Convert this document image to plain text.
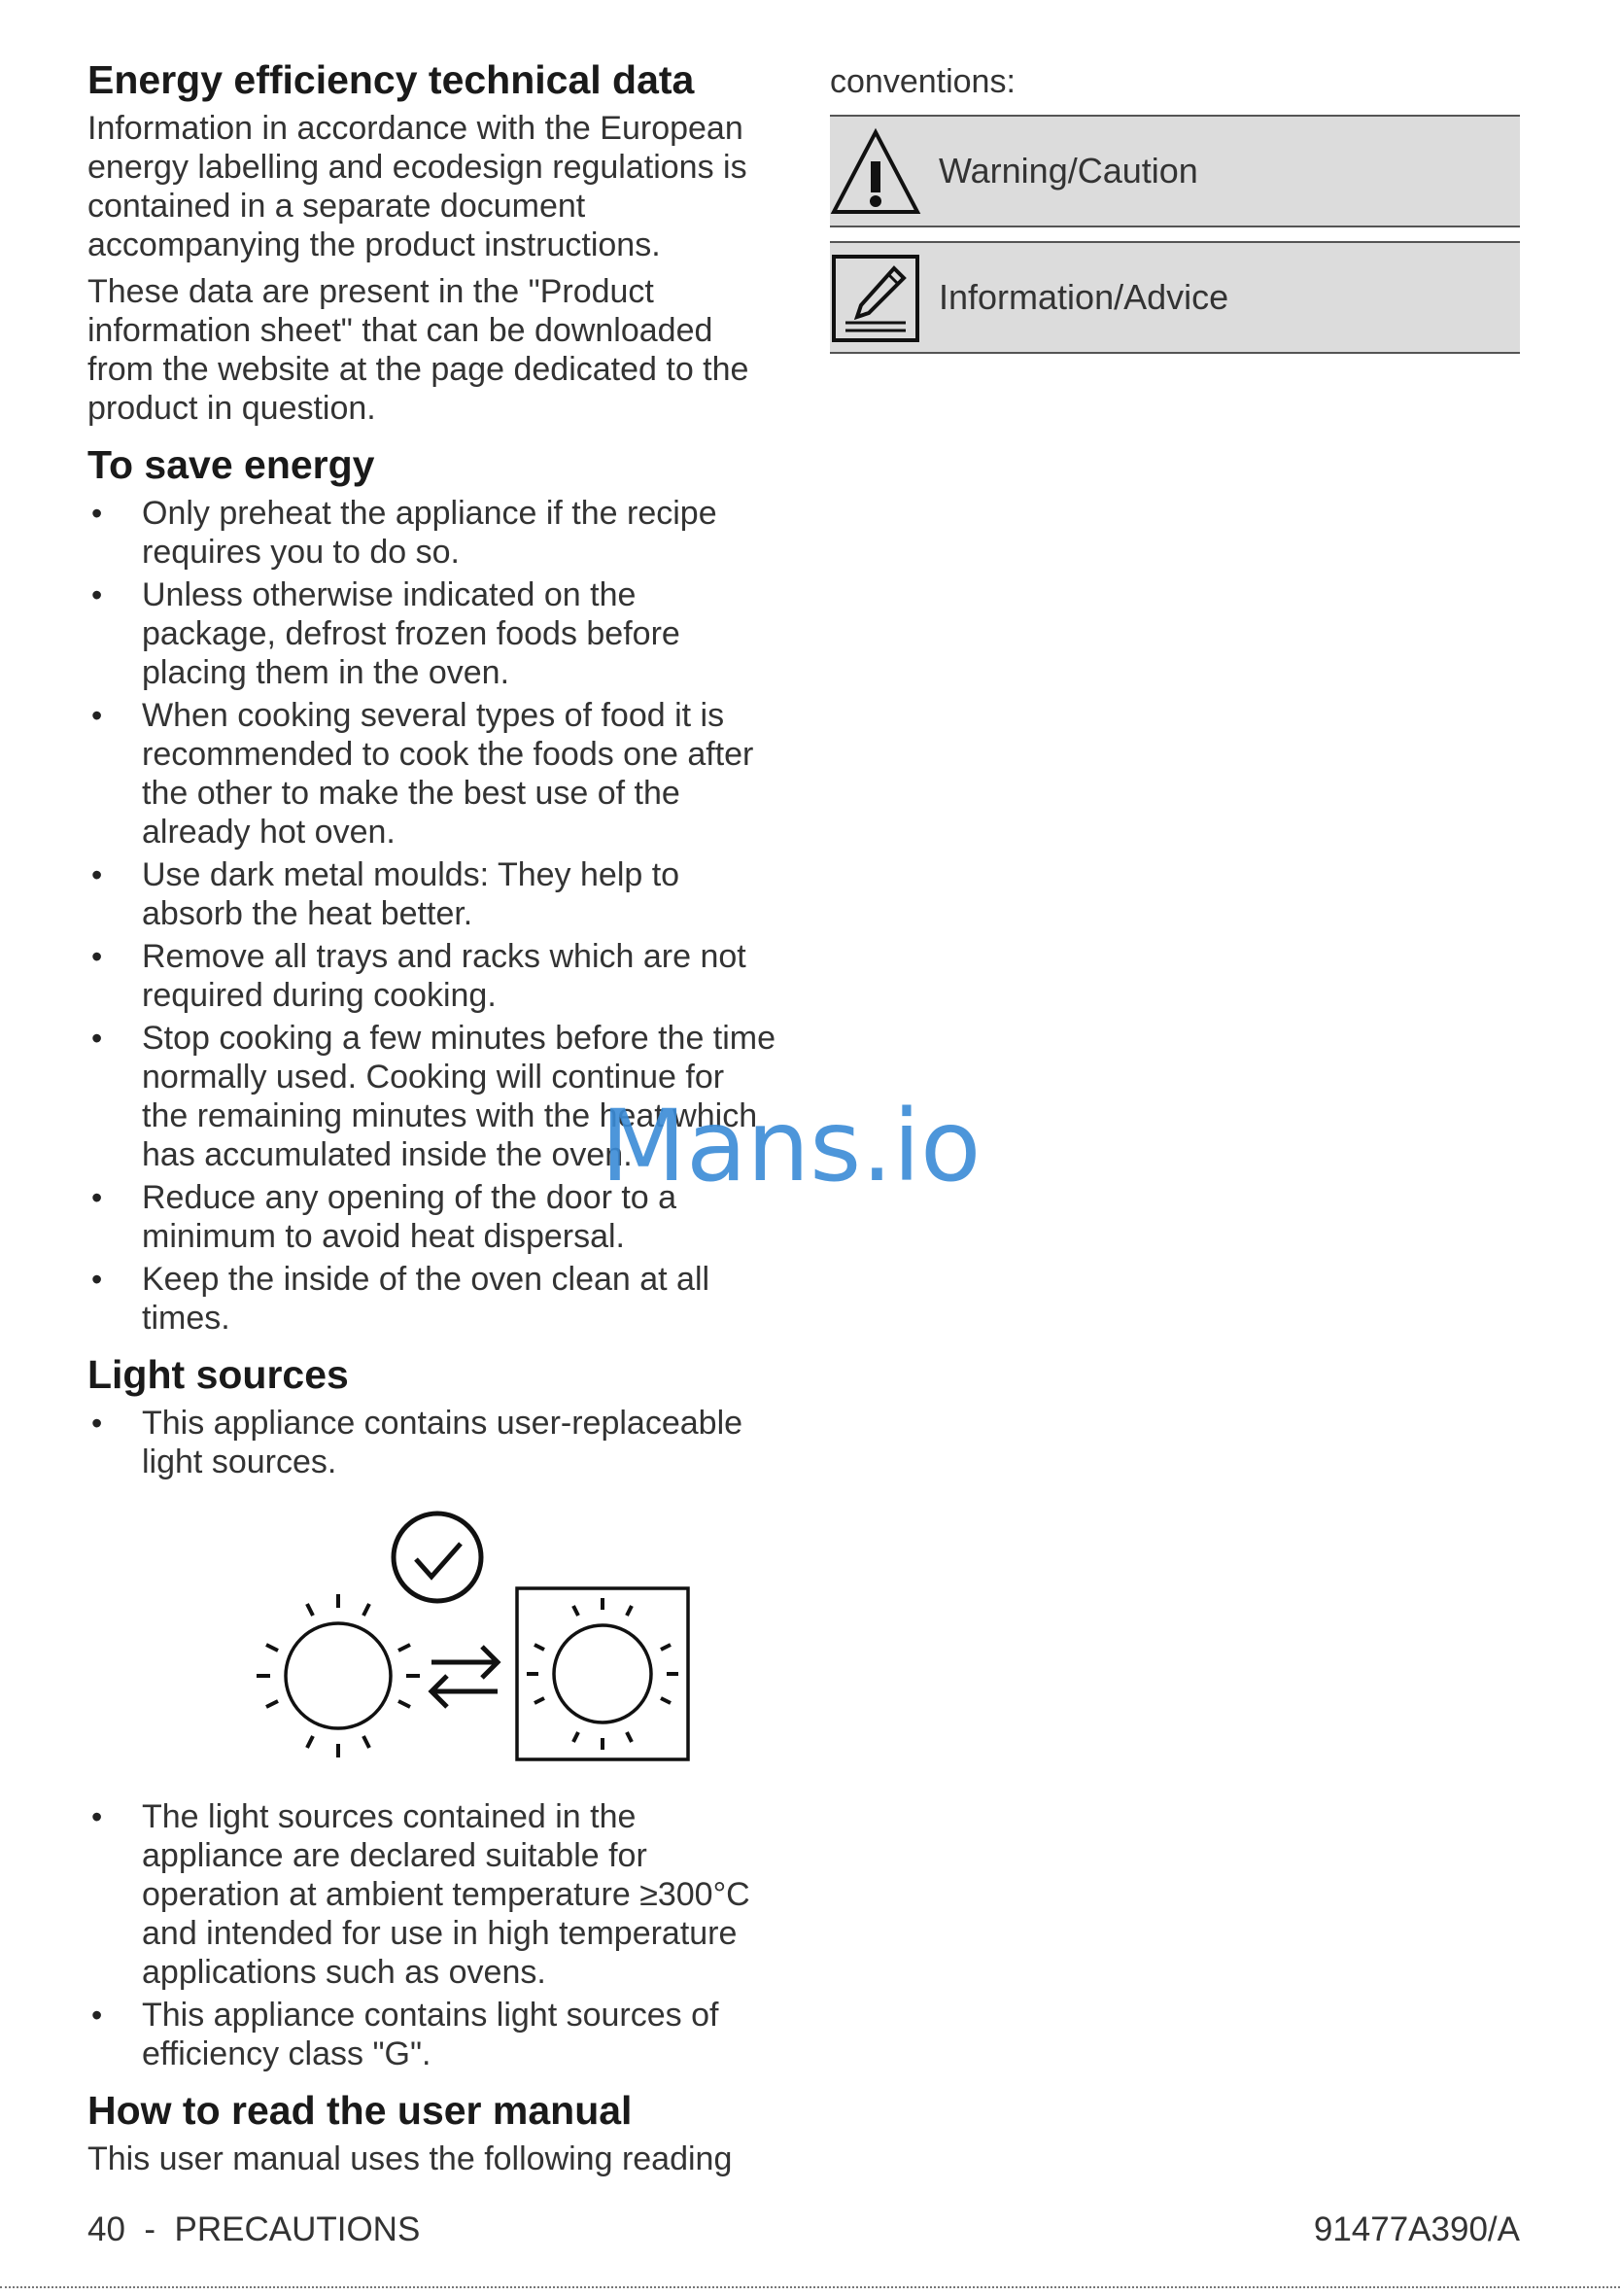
Energy efficiency technical data

Information in accordance with the European energy labelling and ecodesign regulations is contained in a separate document accompanying the product instructions.

These data are present in the "Product information sheet" that can be downloaded from the website at the page dedicated to the product in question.

To save energy
• Only preheat the appliance if the recipe requires you to do so.
• Unless otherwise indicated on the package, defrost frozen foods before placing them in the oven.
• When cooking several types of food it is recommended to cook the foods one after the other to make the best use of the already hot oven.
• Use dark metal moulds: They help to absorb the heat better.
• Remove all trays and racks which are not required during cooking.
• Stop cooking a few minutes before the time normally used. Cooking will continue for the remaining minutes with the heat which has accumulated inside the oven.
• Reduce any opening of the door to a minimum to avoid heat dispersal.
• Keep the inside of the oven clean at all times.
Light sources
• This appliance contains user-replaceable light sources.
• The light sources contained in the appliance are declared suitable for operation at ambient temperature ≥300°C and intended for use in high temperature applications such as ovens.
• This appliance contains light sources of efficiency class "G".
How to read the user manual

This user manual uses the following reading

conventions:
Warning/Caution
Information/Advice
Mans.io
40  -  PRECAUTIONS	91477A390/A
